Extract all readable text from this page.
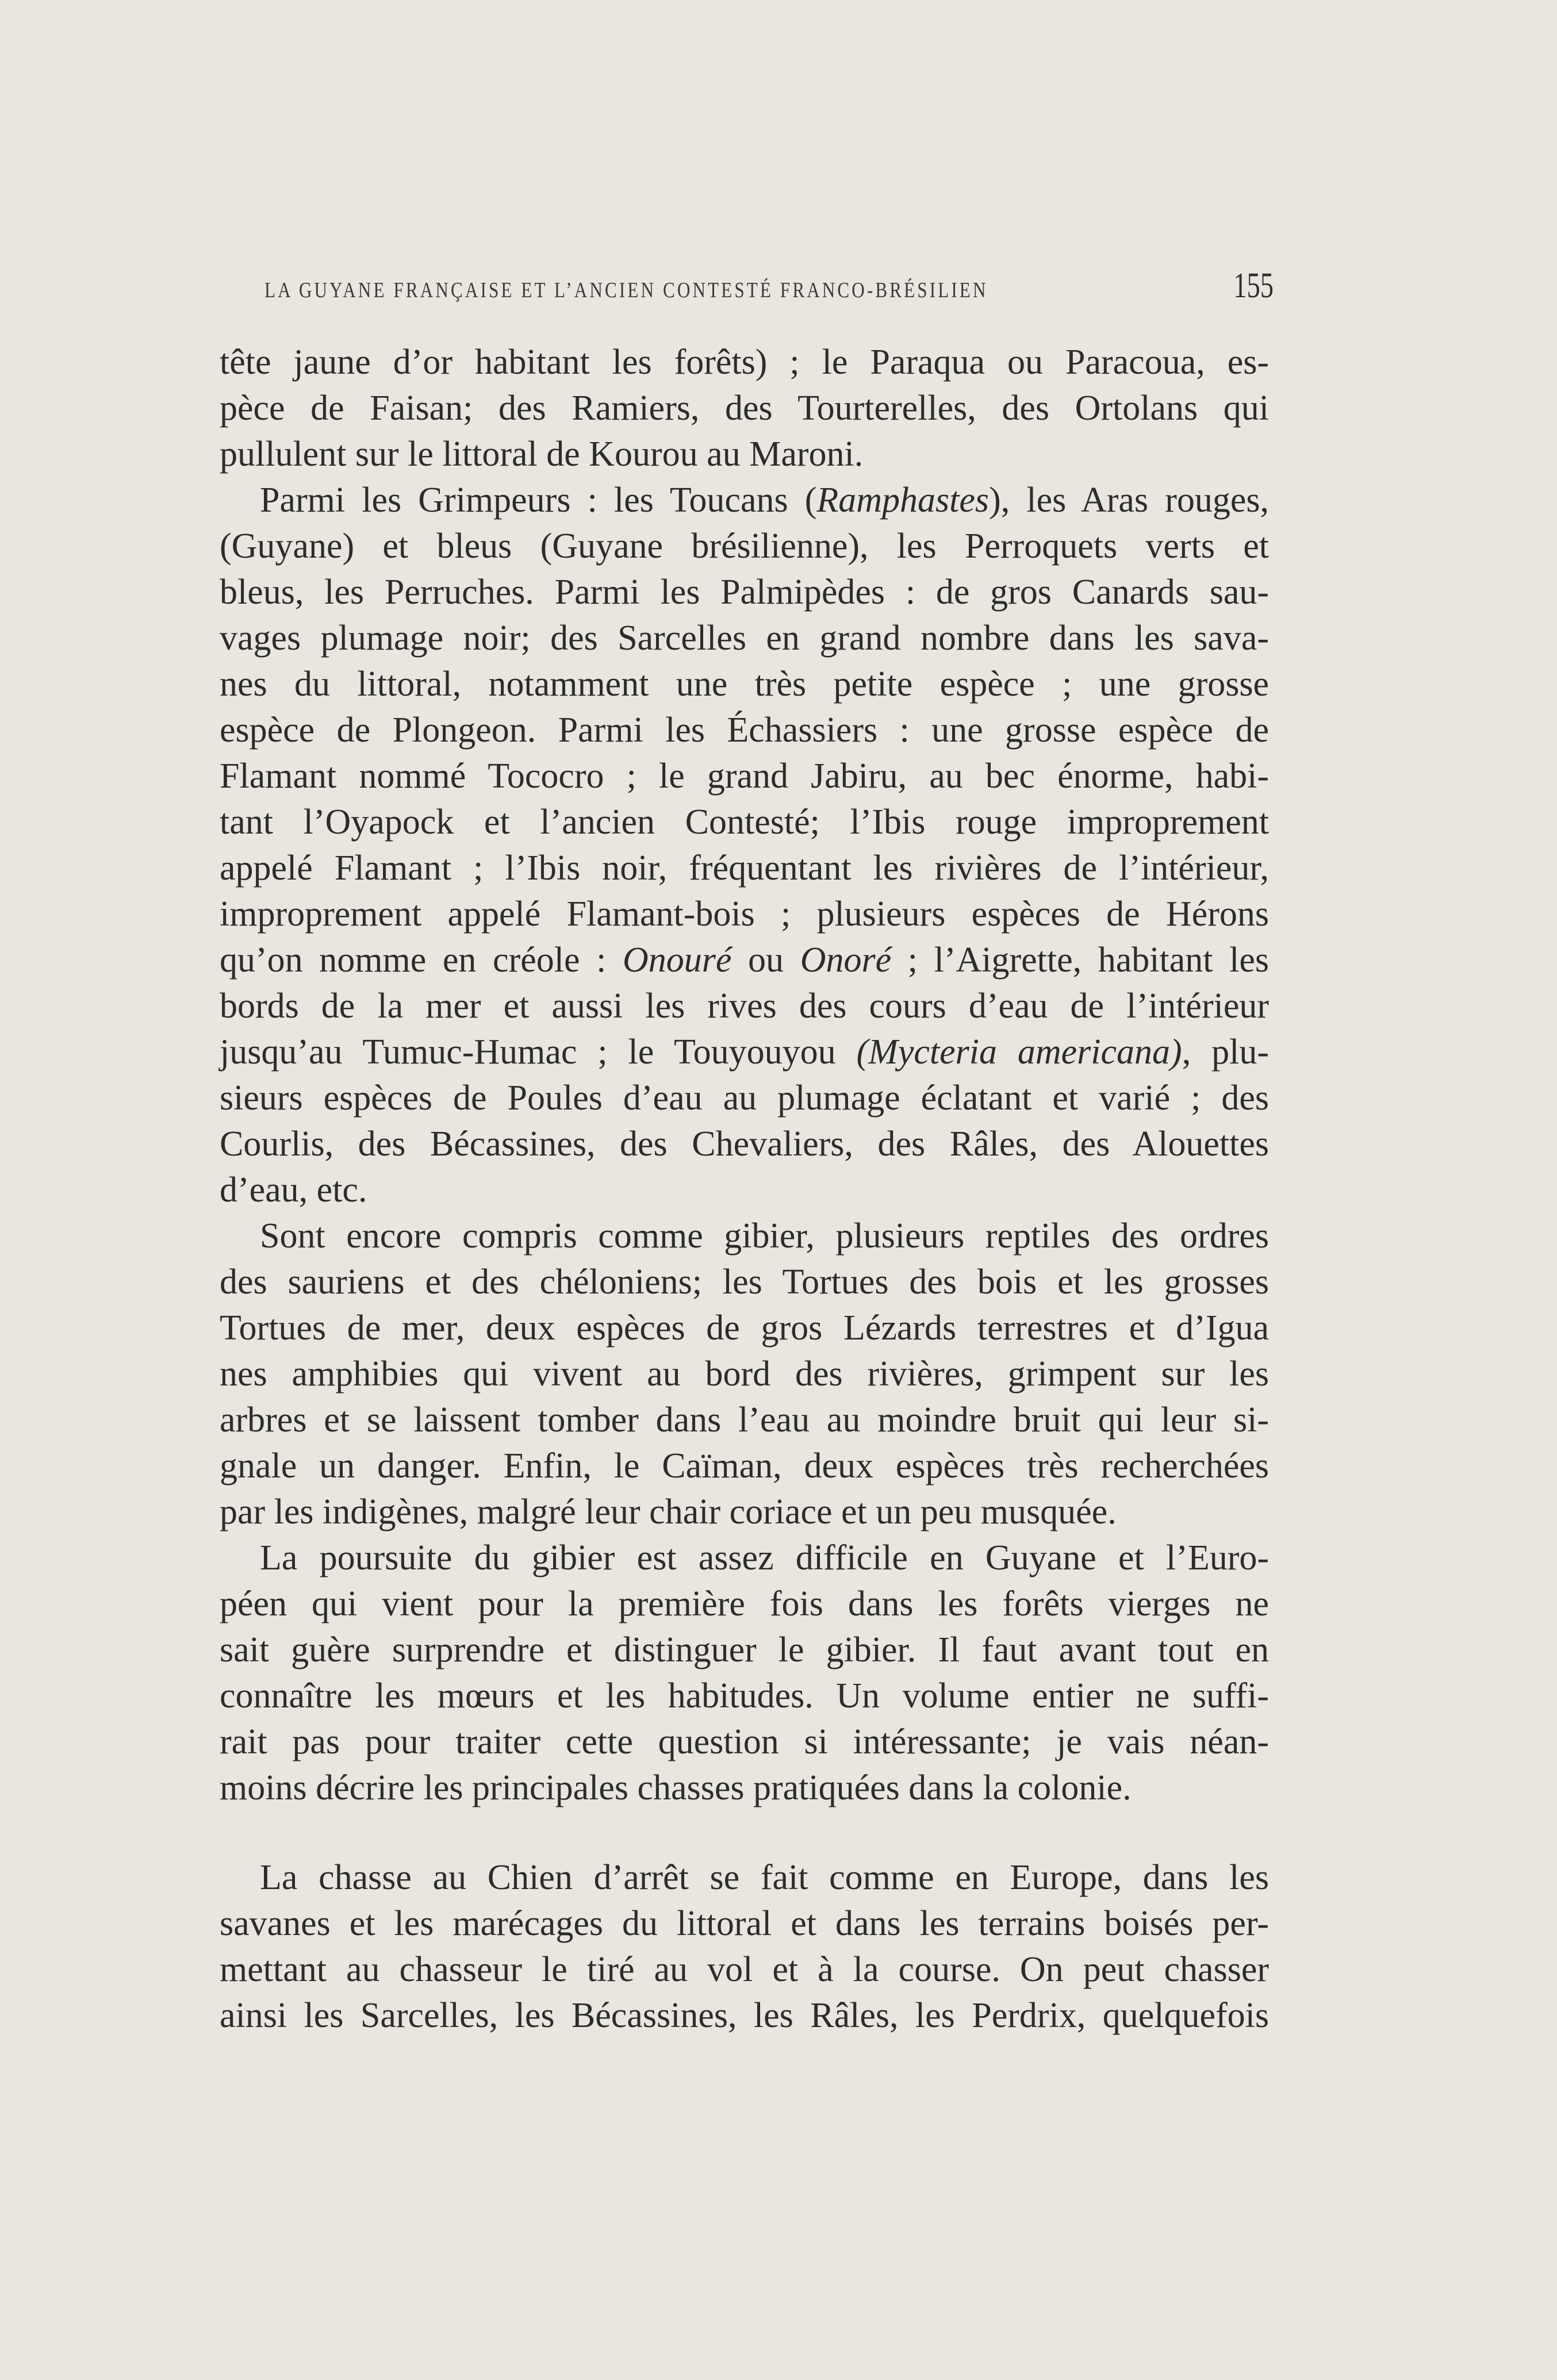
LA GUYANE FRANÇAISE ET L’ANCIEN CONTESTÉ FRANCO-BRÉSILIEN	155
tête jaune d’or habitant les forêts) ; le Paraqua ou Paracoua, es-
pèce de Faisan; des Ramiers, des Tourterelles, des Ortolans qui
pullulent sur le littoral de Kourou au Maroni.
Parmi les Grimpeurs : les Toucans (Ramphastes), les Aras rouges,
(Guyane) et bleus (Guyane brésilienne), les Perroquets verts et
bleus, les Perruches. Parmi les Palmipèdes : de gros Canards sau-
vages plumage noir; des Sarcelles en grand nombre dans les sava-
nes du littoral, notamment une très petite espèce ; une grosse
espèce de Plongeon. Parmi les Échassiers : une grosse espèce de
Flamant nommé Tococro ; le grand Jabiru, au bec énorme, habi-
tant l’Oyapock et l’ancien Contesté; l’Ibis rouge improprement
appelé Flamant ; l’Ibis noir, fréquentant les rivières de l’intérieur,
improprement appelé Flamant-bois ; plusieurs espèces de Hérons
qu’on nomme en créole : Onouré ou Onoré ; l’Aigrette, habitant les
bords de la mer et aussi les rives des cours d’eau de l’intérieur
jusqu’au Tumuc-Humac ; le Touyouyou (Mycteria americana), plu-
sieurs espèces de Poules d’eau au plumage éclatant et varié ; des
Courlis, des Bécassines, des Chevaliers, des Râles, des Alouettes
d’eau, etc.
Sont encore compris comme gibier, plusieurs reptiles des ordres
des sauriens et des chéloniens; les Tortues des bois et les grosses
Tortues de mer, deux espèces de gros Lézards terrestres et d’Igua
nes amphibies qui vivent au bord des rivières, grimpent sur les
arbres et se laissent tomber dans l’eau au moindre bruit qui leur si-
gnale un danger. Enfin, le Caïman, deux espèces très recherchées
par les indigènes, malgré leur chair coriace et un peu musquée.
La poursuite du gibier est assez difficile en Guyane et l’Euro-
péen qui vient pour la première fois dans les forêts vierges ne
sait guère surprendre et distinguer le gibier. Il faut avant tout en
connaître les mœurs et les habitudes. Un volume entier ne suffi-
rait pas pour traiter cette question si intéressante; je vais néan-
moins décrire les principales chasses pratiquées dans la colonie.
La chasse au Chien d’arrêt se fait comme en Europe, dans les
savanes et les marécages du littoral et dans les terrains boisés per-
mettant au chasseur le tiré au vol et à la course. On peut chasser
ainsi les Sarcelles, les Bécassines, les Râles, les Perdrix, quelquefois
